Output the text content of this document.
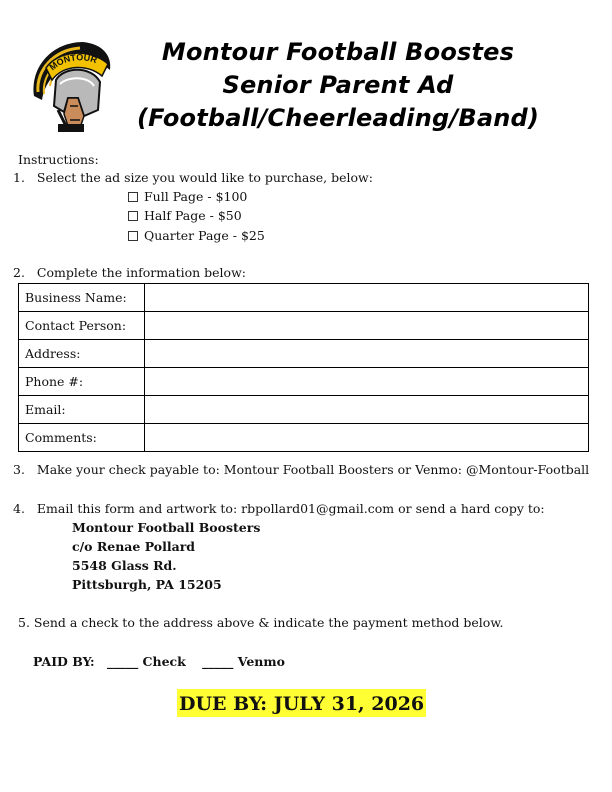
MONTOUR	Montour Football Boostes
Senior Parent Ad
(Football/Cheerleading/Band)
Instructions:
1. Select the ad size you would like to purchase, below:
Full Page - $100
Half Page - $50
Quarter Page - $25
2. Complete the information below:
Business Name:	
Contact Person:	
Address:	
Phone #:	
Email:	
Comments:	
3. Make your check payable to: Montour Football Boosters or Venmo: @Montour-Football
4. Email this form and artwork to: rbpollard01@gmail.com or send a hard copy to:
Montour Football Boosters
c/o Renae Pollard
5548 Glass Rd.
Pittsburgh, PA 15205
5. Send a check to the address above & indicate the payment method below.
PAID BY: _____ Check _____ Venmo
DUE BY: JULY 31, 2026
